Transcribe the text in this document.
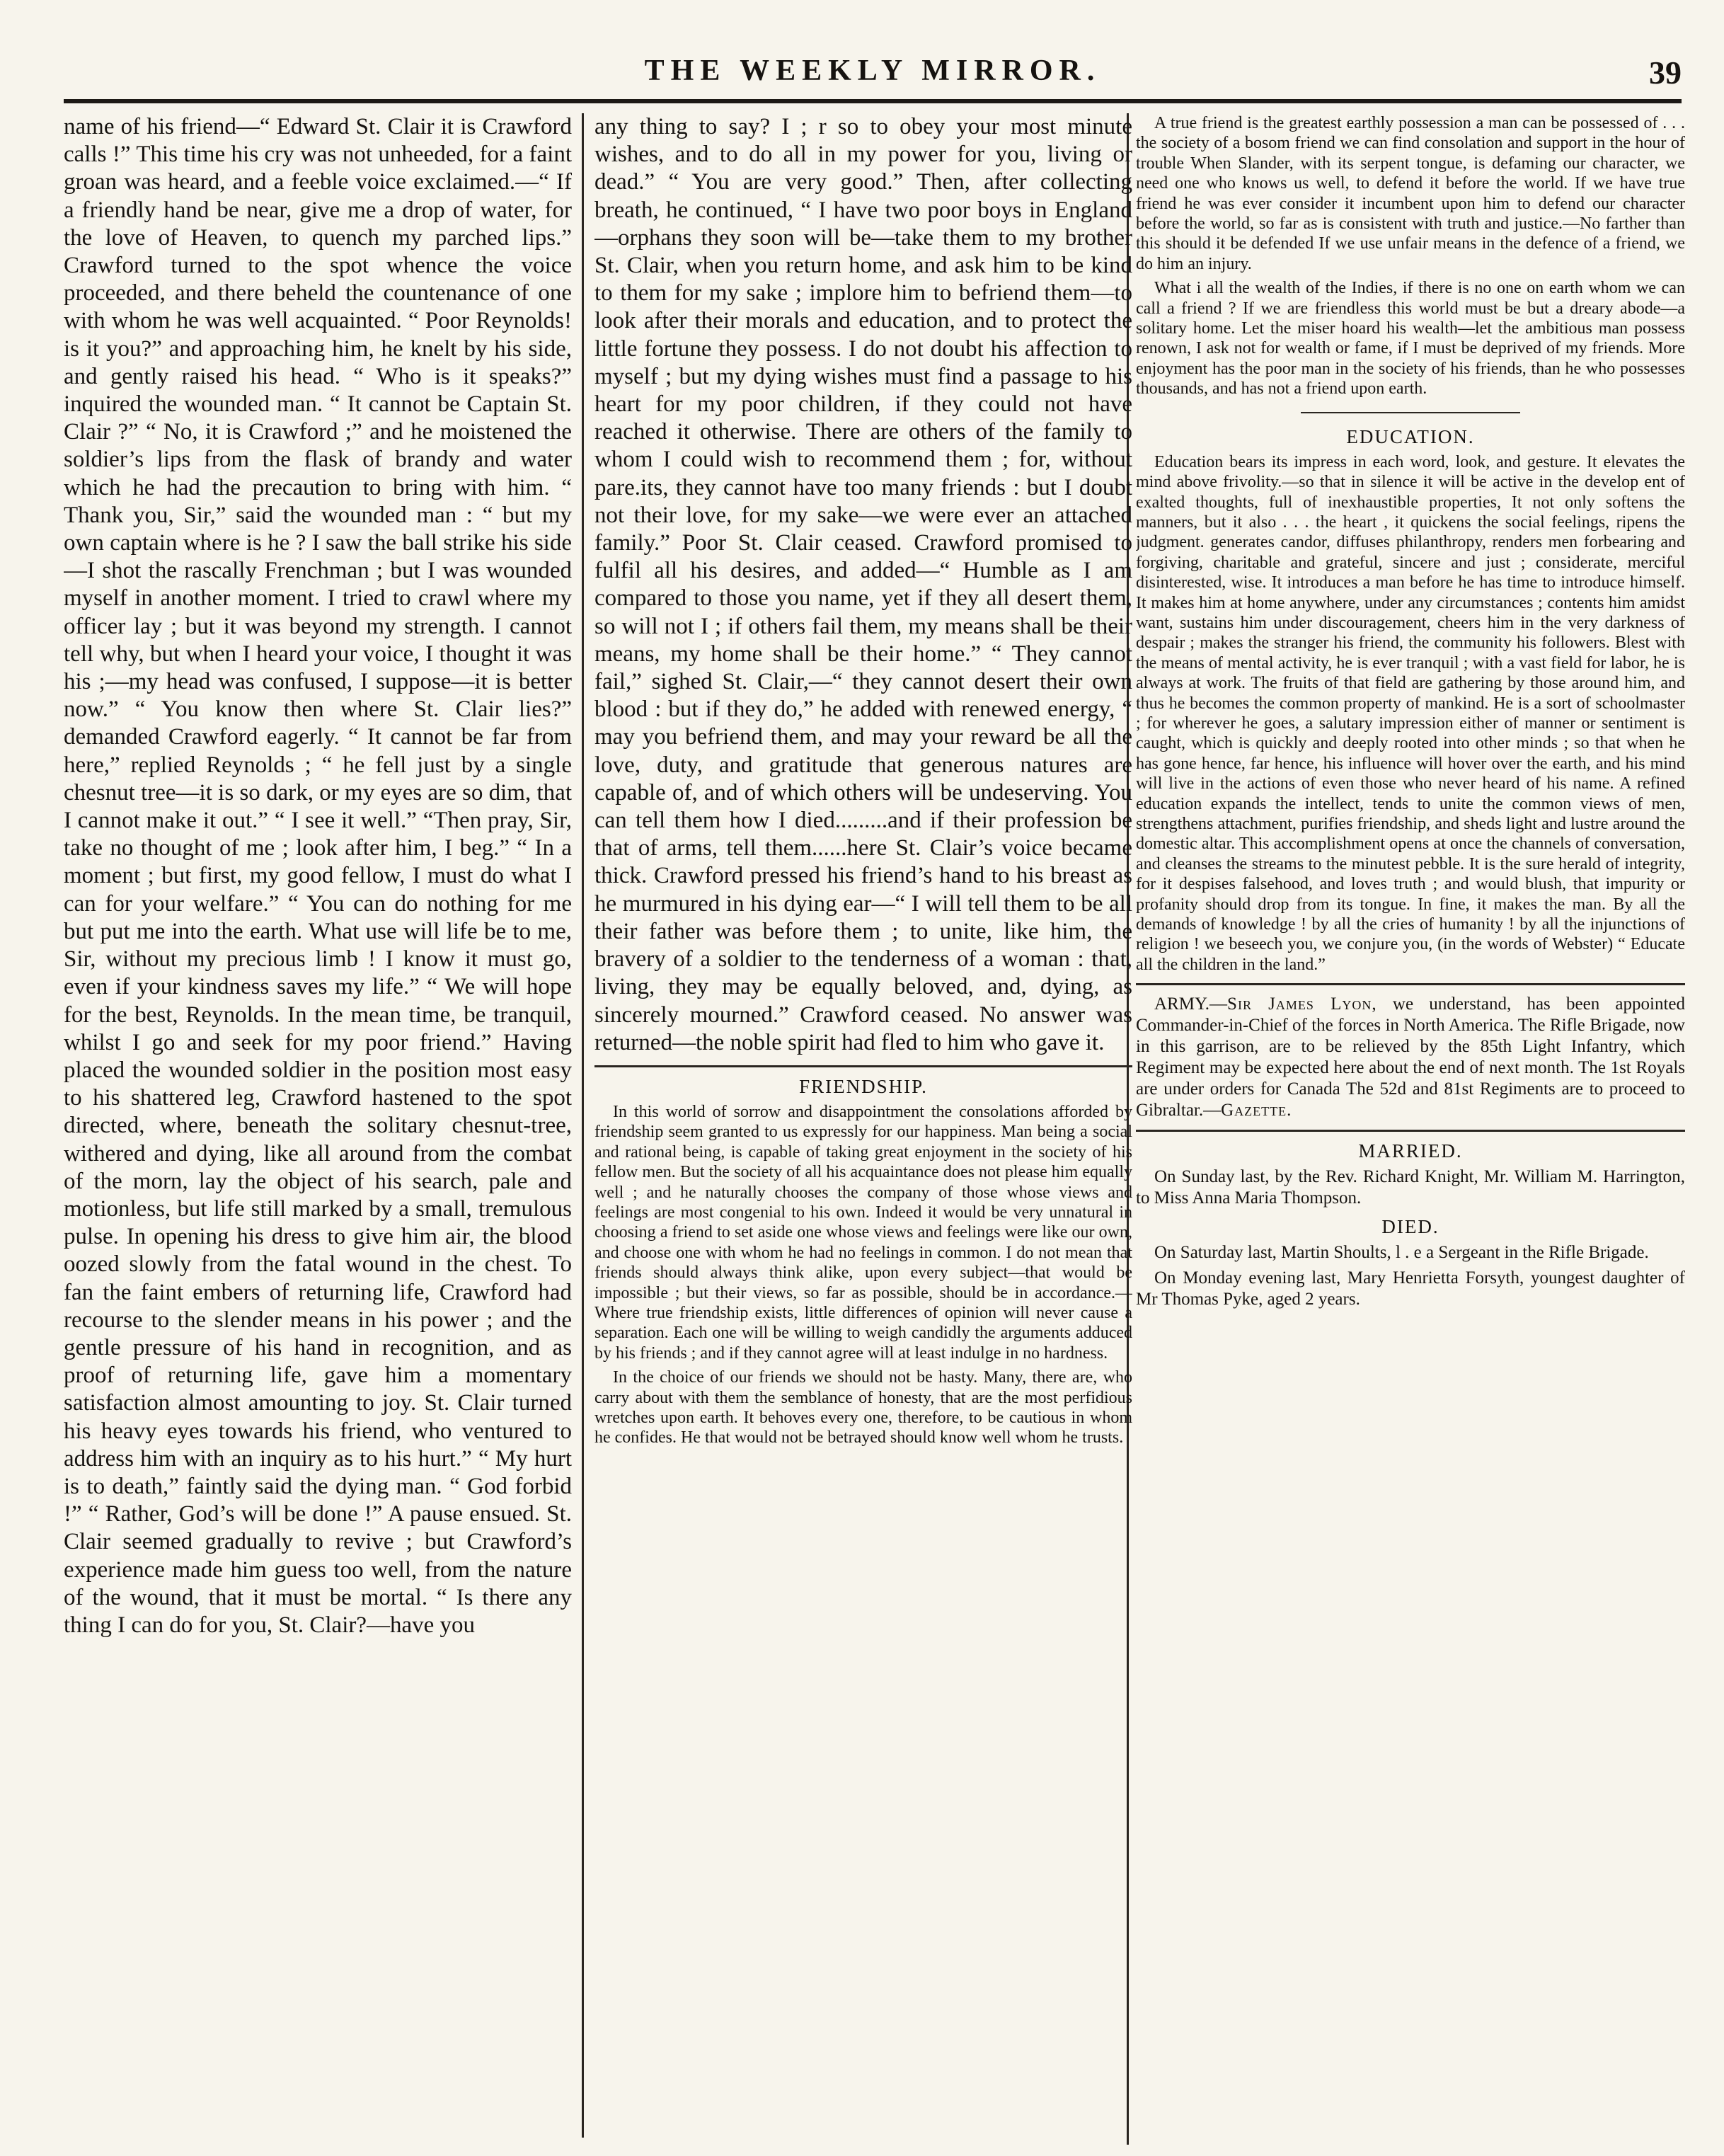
THE WEEKLY MIRROR.	39

name of his friend—“ Edward St. Clair it is Crawford calls !” This time his cry was not unheeded, for a faint groan was heard, and a feeble voice exclaimed.—“ If a friendly hand be near, give me a drop of water, for the love of Heaven, to quench my parched lips.” Crawford turned to the spot whence the voice proceeded, and there beheld the countenance of one with whom he was well acquainted. “ Poor Reynolds! is it you?” and approaching him, he knelt by his side, and gently raised his head. “ Who is it speaks?” inquired the wounded man. “ It cannot be Captain St. Clair ?” “ No, it is Crawford ;” and he moistened the soldier’s lips from the flask of brandy and water which he had the precaution to bring with him. “ Thank you, Sir,” said the wounded man : “ but my own captain where is he ? I saw the ball strike his side—I shot the rascally Frenchman ; but I was wounded myself in another moment. I tried to crawl where my officer lay ; but it was beyond my strength. I cannot tell why, but when I heard your voice, I thought it was his ;—my head was confused, I suppose—it is better now.” “ You know then where St. Clair lies?” demanded Crawford eagerly. “ It cannot be far from here,” replied Reynolds ; “ he fell just by a single chesnut tree—it is so dark, or my eyes are so dim, that I cannot make it out.” “ I see it well.” “Then pray, Sir, take no thought of me ; look after him, I beg.” “ In a moment ; but first, my good fellow, I must do what I can for your welfare.” “ You can do nothing for me but put me into the earth. What use will life be to me, Sir, without my precious limb ! I know it must go, even if your kindness saves my life.” “ We will hope for the best, Reynolds. In the mean time, be tranquil, whilst I go and seek for my poor friend.” Having placed the wounded soldier in the position most easy to his shattered leg, Crawford hastened to the spot directed, where, beneath the solitary chesnut-tree, withered and dying, like all around from the combat of the morn, lay the object of his search, pale and motionless, but life still marked by a small, tremulous pulse. In opening his dress to give him air, the blood oozed slowly from the fatal wound in the chest. To fan the faint embers of returning life, Crawford had recourse to the slender means in his power ; and the gentle pressure of his hand in recognition, and as proof of returning life, gave him a momentary satisfaction almost amounting to joy. St. Clair turned his heavy eyes towards his friend, who ventured to address him with an inquiry as to his hurt.” “ My hurt is to death,” faintly said the dying man. “ God forbid !” “ Rather, God’s will be done !” A pause ensued. St. Clair seemed gradually to revive ; but Crawford’s experience made him guess too well, from the nature of the wound, that it must be mortal. “ Is there any thing I can do for you, St. Clair?—have you

any thing to say? I ; r so to obey your most minute wishes, and to do all in my power for you, living or dead.” “ You are very good.” Then, after collecting breath, he continued, “ I have two poor boys in England—orphans they soon will be—take them to my brother St. Clair, when you return home, and ask him to be kind to them for my sake ; implore him to befriend them—to look after their morals and education, and to protect the little fortune they possess. I do not doubt his affection to myself ; but my dying wishes must find a passage to his heart for my poor children, if they could not have reached it otherwise. There are others of the family to whom I could wish to recommend them ; for, without pare.its, they cannot have too many friends : but I doubt not their love, for my sake—we were ever an attached family.” Poor St. Clair ceased. Crawford promised to fulfil all his desires, and added—“ Humble as I am compared to those you name, yet if they all desert them, so will not I ; if others fail them, my means shall be their means, my home shall be their home.” “ They cannot fail,” sighed St. Clair,—“ they cannot desert their own blood : but if they do,” he added with renewed energy, “ may you befriend them, and may your reward be all the love, duty, and gratitude that generous natures are capable of, and of which others will be undeserving. You can tell them how I died.........and if their profession be that of arms, tell them......here St. Clair’s voice became thick. Crawford pressed his friend’s hand to his breast as he murmured in his dying ear—“ I will tell them to be all their father was before them ; to unite, like him, the bravery of a soldier to the tenderness of a woman : that, living, they may be equally beloved, and, dying, as sincerely mourned.” Crawford ceased. No answer was returned—the noble spirit had fled to him who gave it.

FRIENDSHIP.

In this world of sorrow and disappointment the consolations afforded by friendship seem granted to us expressly for our happiness. Man being a social and rational being, is capable of taking great enjoyment in the society of his fellow men. But the society of all his acquaintance does not please him equally well ; and he naturally chooses the company of those whose views and feelings are most congenial to his own. Indeed it would be very unnatural in choosing a friend to set aside one whose views and feelings were like our own, and choose one with whom he had no feelings in common. I do not mean that friends should always think alike, upon every subject—that would be impossible ; but their views, so far as possible, should be in accordance.—Where true friendship exists, little differences of opinion will never cause a separation. Each one will be willing to weigh candidly the arguments adduced by his friends ; and if they cannot agree will at least indulge in no hardness.

In the choice of our friends we should not be hasty. Many, there are, who carry about with them the semblance of honesty, that are the most perfidious wretches upon earth. It behoves every one, therefore, to be cautious in whom he confides. He that would not be betrayed should know well whom he trusts.

A true friend is the greatest earthly possession a man can be possessed of . . . the society of a bosom friend we can find consolation and support in the hour of trouble When Slander, with its serpent tongue, is defaming our character, we need one who knows us well, to defend it before the world. If we have true friend he was ever consider it incumbent upon him to defend our character before the world, so far as is consistent with truth and justice.—No farther than this should it be defended If we use unfair means in the defence of a friend, we do him an injury.

What i all the wealth of the Indies, if there is no one on earth whom we can call a friend ? If we are friendless this world must be but a dreary abode—a solitary home. Let the miser hoard his wealth—let the ambitious man possess renown, I ask not for wealth or fame, if I must be deprived of my friends. More enjoyment has the poor man in the society of his friends, than he who possesses thousands, and has not a friend upon earth.

EDUCATION.

Education bears its impress in each word, look, and gesture. It elevates the mind above frivolity.—so that in silence it will be active in the develop ent of exalted thoughts, full of inexhaustible properties, It not only softens the manners, but it also . . . the heart , it quickens the social feelings, ripens the judgment. generates candor, diffuses philanthropy, renders men forbearing and forgiving, charitable and grateful, sincere and just ; considerate, merciful disinterested, wise. It introduces a man before he has time to introduce himself. It makes him at home anywhere, under any circumstances ; contents him amidst want, sustains him under discouragement, cheers him in the very darkness of despair ; makes the stranger his friend, the community his followers. Blest with the means of mental activity, he is ever tranquil ; with a vast field for labor, he is always at work. The fruits of that field are gathering by those around him, and thus he becomes the common property of mankind. He is a sort of schoolmaster ; for wherever he goes, a salutary impression either of manner or sentiment is caught, which is quickly and deeply rooted into other minds ; so that when he has gone hence, far hence, his influence will hover over the earth, and his mind will live in the actions of even those who never heard of his name. A refined education expands the intellect, tends to unite the common views of men, strengthens attachment, purifies friendship, and sheds light and lustre around the domestic altar. This accomplishment opens at once the channels of conversation, and cleanses the streams to the minutest pebble. It is the sure herald of integrity, for it despises falsehood, and loves truth ; and would blush, that impurity or profanity should drop from its tongue. In fine, it makes the man. By all the demands of knowledge ! by all the cries of humanity ! by all the injunctions of religion ! we beseech you, we conjure you, (in the words of Webster) “ Educate all the children in the land.”

ARMY.—Sir James Lyon, we understand, has been appointed Commander-in-Chief of the forces in North America. The Rifle Brigade, now in this garrison, are to be relieved by the 85th Light Infantry, which Regiment may be expected here about the end of next month. The 1st Royals are under orders for Canada The 52d and 81st Regiments are to proceed to Gibraltar.—Gazette.

MARRIED.

On Sunday last, by the Rev. Richard Knight, Mr. William M. Harrington, to Miss Anna Maria Thompson.

DIED.

On Saturday last, Martin Shoults, l . e a Sergeant in the Rifle Brigade.

On Monday evening last, Mary Henrietta Forsyth, youngest daughter of Mr Thomas Pyke, aged 2 years.
